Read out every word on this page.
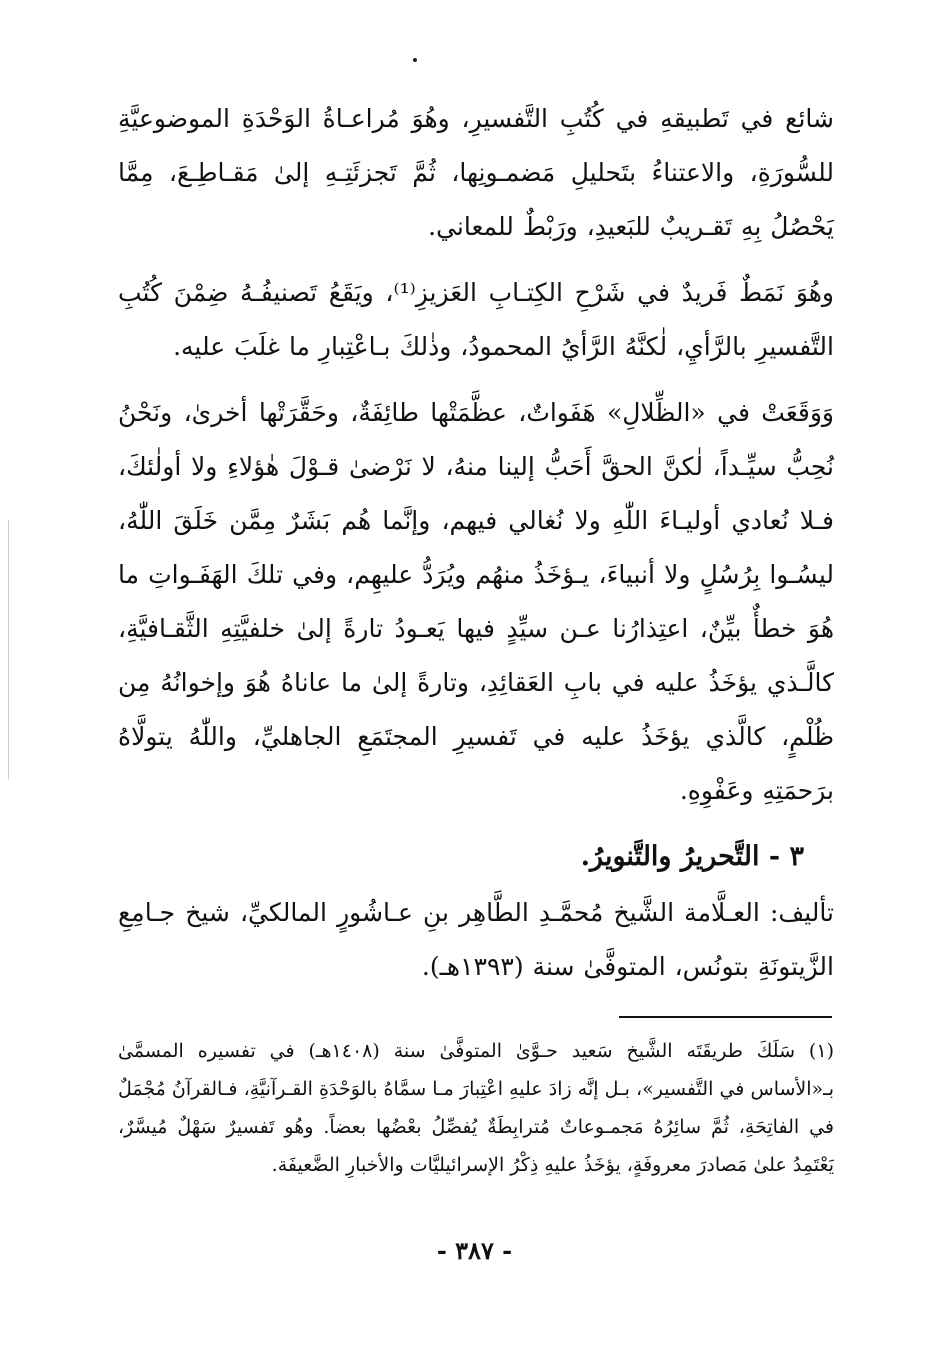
شائع في تَطبيقهِ في كُتُبِ التَّفسيرِ، وهُوَ مُراعـاةُ الوَحْدَةِ الموضوعيَّةِ للسُّورَةِ، والاعتناءُ بتَحليلِ مَضمـونِها، ثُمَّ تَجزئَتِـهِ إلىٰ مَقـاطِـعَ، مِمَّا يَحْصُلُ بِهِ تَقـريبٌ للبَعيدِ، ورَبْطٌ للمعاني.

وهُوَ نَمَطٌ فَريدٌ في شَرْحِ الكِتـابِ العَزيزِ⁽¹⁾، ويَقَعُ تَصنيفُـهُ ضِمْنَ كُتُبِ التَّفسيرِ بالرَّأيِ، لٰكنَّهُ الرَّأيُ المحمودُ، وذٰلكَ بـاعْتِبارِ ما غلَبَ عليه.

وَوَقَعَتْ في «الظِّلالِ» هَفَواتٌ، عظَّمَتْها طائِفَةٌ، وحَقَّرَتْها أخرىٰ، ونَحْنُ نُحِبُّ سيِّـداً، لٰكنَّ الحقَّ أَحَبُّ إلينا منهُ، لا نَرْضىٰ قـوْلَ هٰؤلاءِ ولا أولٰئكَ، فـلا نُعادي أوليـاءَ اللّٰهِ ولا نُغالي فيهم، وإنَّما هُم بَشَرٌ مِمَّن خَلَقَ اللّٰهُ، ليسُـوا بِرُسُلٍ ولا أنبياءَ، يـؤخَذُ منهُم ويُرَدُّ عليهِم، وفي تلكَ الهَفَـواتِ ما هُوَ خطأٌ بيِّنٌ، اعتِذارُنا عـن سيِّدٍ فيها يَعـودُ تارةً إلىٰ خلفيَّتِهِ الثَّقـافيَّةِ، كالَّـذي يؤخَذُ عليه في بابِ العَقائِدِ، وتارةً إلىٰ ما عاناهُ هُوَ وإخوانُهُ مِن ظُلْمٍ، كالَّذي يؤخَذُ عليه في تَفسيرِ المجتَمَعِ الجاهليِّ، واللّٰهُ يتولَّاهُ برَحمَتِهِ وعَفْوِهِ.

٣ - التَّحريرُ والتَّنويرُ.

تأليف: العـلَّامة الشَّيخ مُحمَّـدِ الطَّاهِر بنِ عـاشُورٍ المالكيِّ، شيخ جـامِعِ الزَّيتونَةِ بتونُس، المتوفَّىٰ سنة (١٣٩٣هـ).

(١) سَلَكَ طريقَتَه الشَّيخ سَعيد حـوَّىٰ المتوفَّىٰ سنة (١٤٠٨هـ) في تفسيره المسمَّىٰ بـ«الأساس في التَّفسير»، بـل إنَّه زادَ عليهِ اعْتِبارَ مـا سمَّاهُ بالوَحْدَةِ القـرآنيَّةِ، فـالقرآنُ مُجْمَلٌ في الفاتِحَةِ، ثُمَّ سائِرُهُ مَجمـوعاتٌ مُترابِطَةٌ يُفصِّلُ بعْضُها بعضاً. وهُو تَفسيرٌ سَهْلٌ مُيسَّرٌ، يَعْتَمِدُ علىٰ مَصادرَ معروفَةٍ، يؤخَذُ عليهِ ذِكْرُ الإسرائيليَّات والأخبارِ الضَّعيفَة.

- ٣٨٧ -
